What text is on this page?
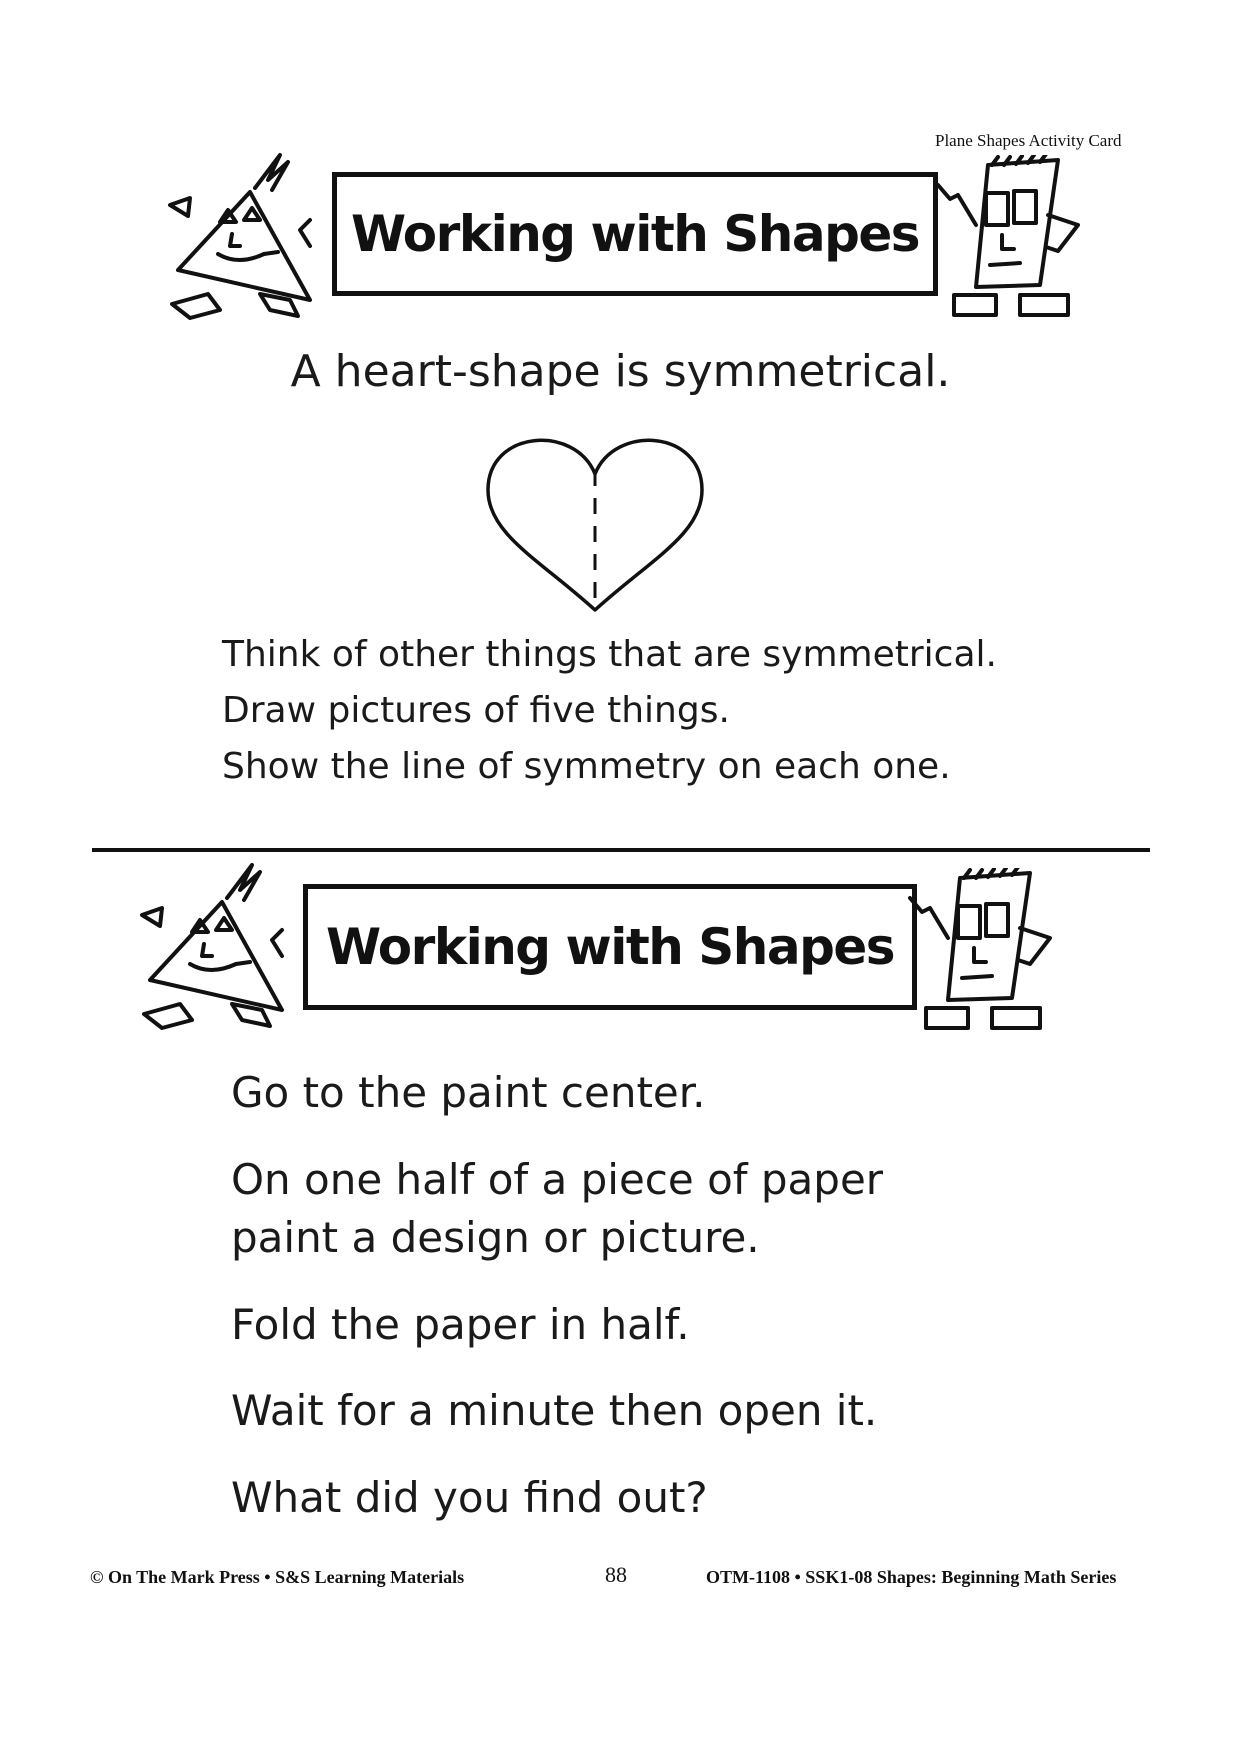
Plane Shapes Activity Card
Working with Shapes
A heart-shape is symmetrical.
Think of other things that are symmetrical.
Draw pictures of five things.
Show the line of symmetry on each one.
Working with Shapes
Go to the paint center.
On one half of a piece of paper
paint a design or picture.
Fold the paper in half.
Wait for a minute then open it.
What did you find out?
© On The Mark Press • S&S Learning Materials	88	OTM-1108 • SSK1-08 Shapes: Beginning Math Series
